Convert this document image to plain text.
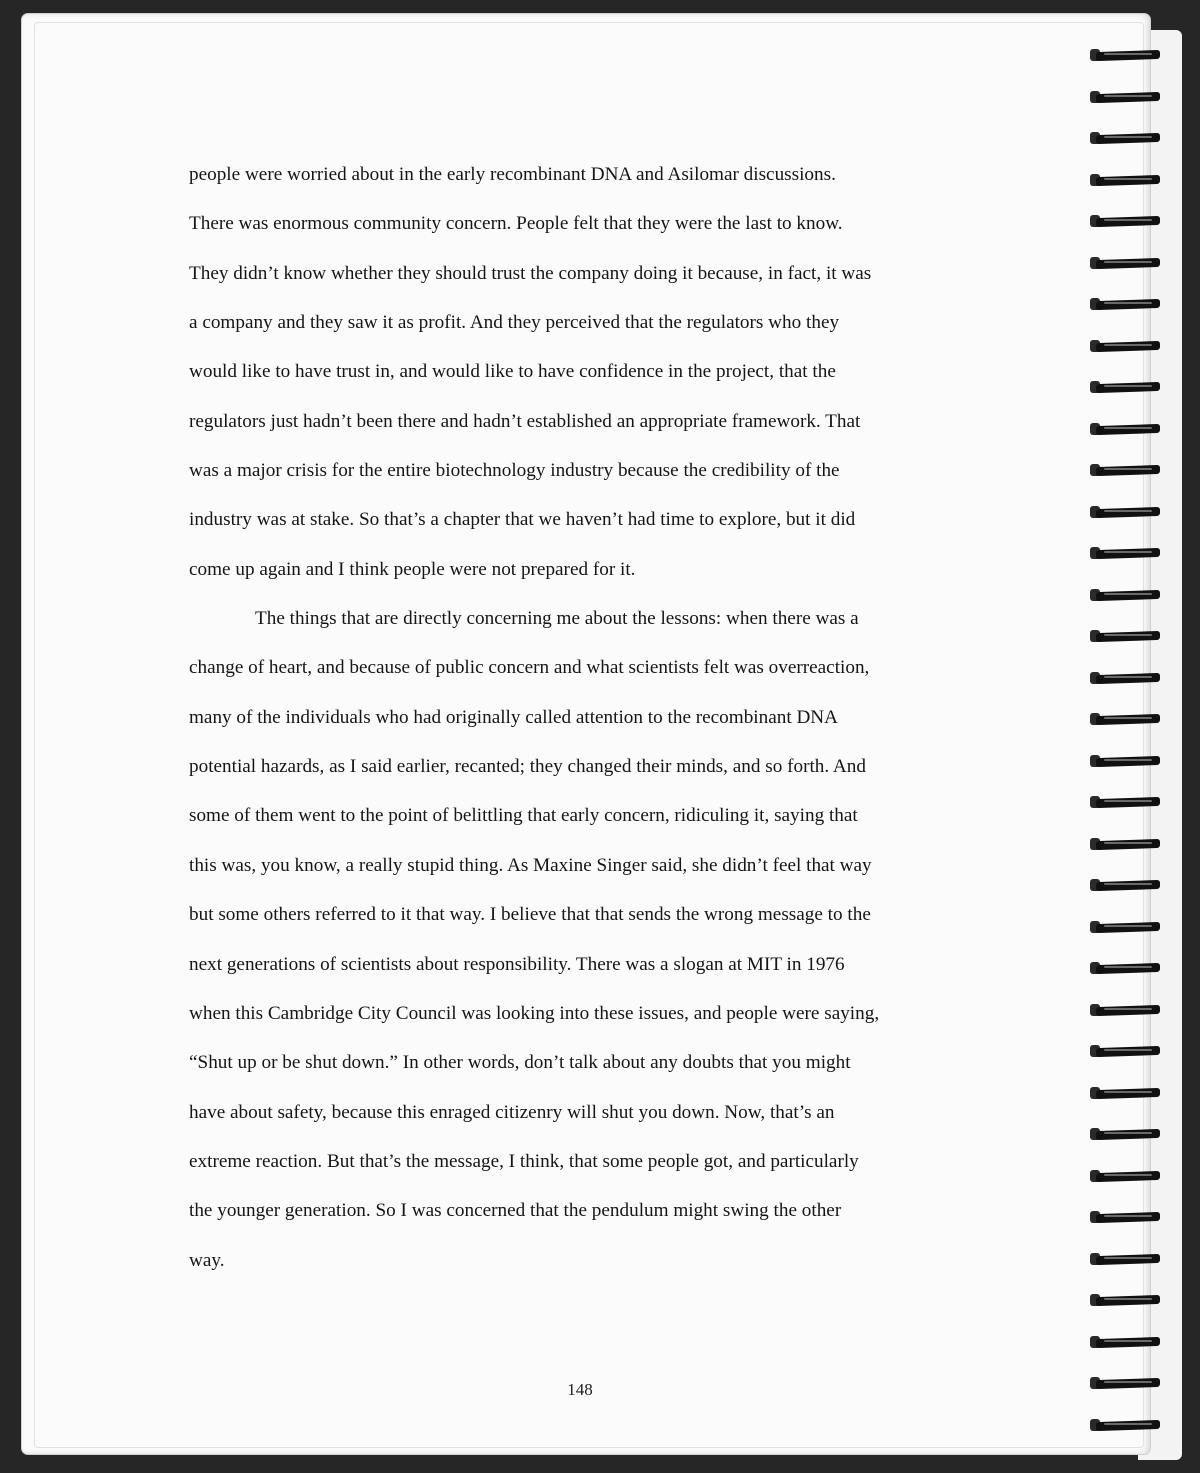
people were worried about in the early recombinant DNA and Asilomar discussions.
There was enormous community concern. People felt that they were the last to know.
They didn’t know whether they should trust the company doing it because, in fact, it was
a company and they saw it as profit. And they perceived that the regulators who they
would like to have trust in, and would like to have confidence in the project, that the
regulators just hadn’t been there and hadn’t established an appropriate framework. That
was a major crisis for the entire biotechnology industry because the credibility of the
industry was at stake. So that’s a chapter that we haven’t had time to explore, but it did
come up again and I think people were not prepared for it.
The things that are directly concerning me about the lessons: when there was a
change of heart, and because of public concern and what scientists felt was overreaction,
many of the individuals who had originally called attention to the recombinant DNA
potential hazards, as I said earlier, recanted; they changed their minds, and so forth. And
some of them went to the point of belittling that early concern, ridiculing it, saying that
this was, you know, a really stupid thing. As Maxine Singer said, she didn’t feel that way
but some others referred to it that way. I believe that that sends the wrong message to the
next generations of scientists about responsibility. There was a slogan at MIT in 1976
when this Cambridge City Council was looking into these issues, and people were saying,
“Shut up or be shut down.” In other words, don’t talk about any doubts that you might
have about safety, because this enraged citizenry will shut you down. Now, that’s an
extreme reaction. But that’s the message, I think, that some people got, and particularly
the younger generation. So I was concerned that the pendulum might swing the other
way.
148
